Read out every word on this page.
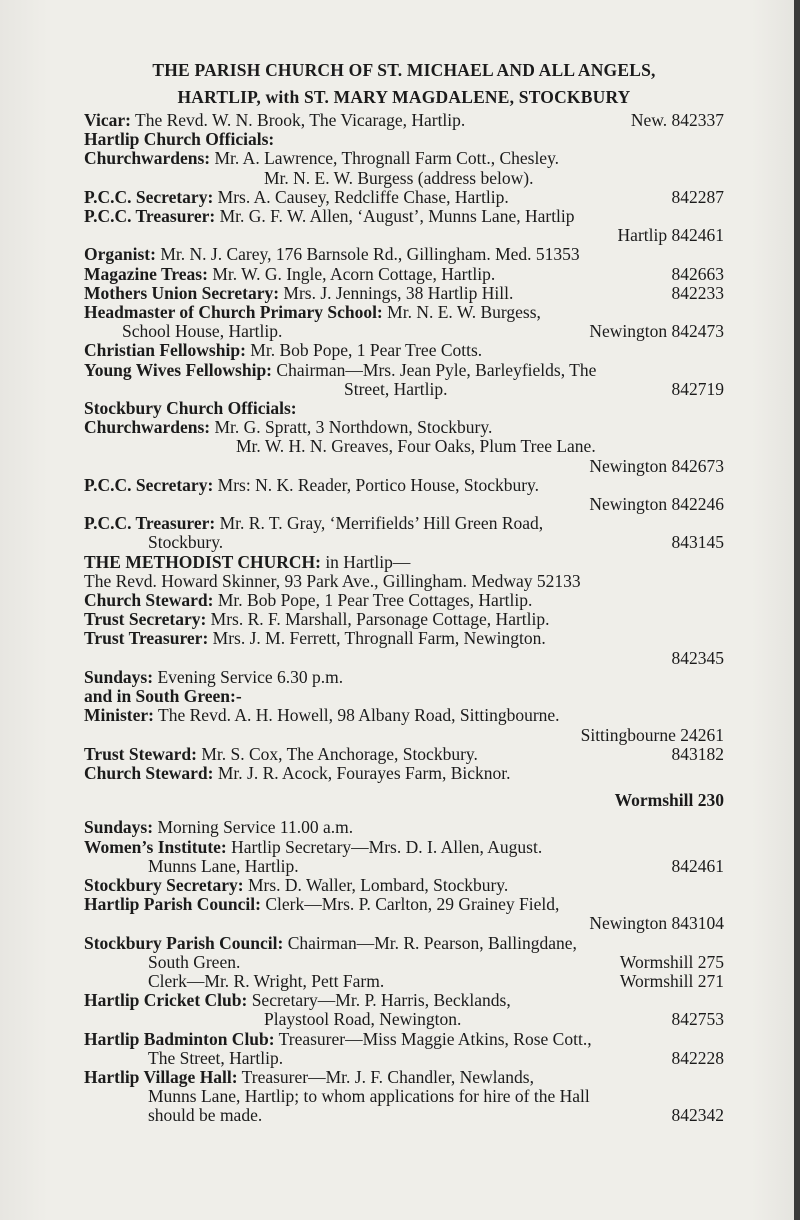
THE PARISH CHURCH OF ST. MICHAEL AND ALL ANGELS,
HARTLIP, with ST. MARY MAGDALENE, STOCKBURY
Vicar: The Revd. W. N. Brook, The Vicarage, Hartlip.	New. 842337
Hartlip Church Officials:
Churchwardens: Mr. A. Lawrence, Thrognall Farm Cott., Chesley.
Mr. N. E. W. Burgess (address below).
P.C.C. Secretary: Mrs. A. Causey, Redcliffe Chase, Hartlip.	842287
P.C.C. Treasurer: Mr. G. F. W. Allen, ‘August’, Munns Lane, Hartlip
Hartlip 842461
Organist: Mr. N. J. Carey, 176 Barnsole Rd., Gillingham. Med. 51353
Magazine Treas: Mr. W. G. Ingle, Acorn Cottage, Hartlip.	842663
Mothers Union Secretary: Mrs. J. Jennings, 38 Hartlip Hill.	842233
Headmaster of Church Primary School: Mr. N. E. W. Burgess,
School House, Hartlip.	Newington 842473
Christian Fellowship: Mr. Bob Pope, 1 Pear Tree Cotts.
Young Wives Fellowship: Chairman—Mrs. Jean Pyle, Barleyfields, The
Street, Hartlip.	842719
Stockbury Church Officials:
Churchwardens: Mr. G. Spratt, 3 Northdown, Stockbury.
Mr. W. H. N. Greaves, Four Oaks, Plum Tree Lane.
Newington 842673
P.C.C. Secretary: Mrs: N. K. Reader, Portico House, Stockbury.
Newington 842246
P.C.C. Treasurer: Mr. R. T. Gray, ‘Merrifields’ Hill Green Road,
Stockbury.	843145
THE METHODIST CHURCH: in Hartlip—
The Revd. Howard Skinner, 93 Park Ave., Gillingham. Medway 52133
Church Steward: Mr. Bob Pope, 1 Pear Tree Cottages, Hartlip.
Trust Secretary: Mrs. R. F. Marshall, Parsonage Cottage, Hartlip.
Trust Treasurer: Mrs. J. M. Ferrett, Thrognall Farm, Newington.
842345
Sundays: Evening Service 6.30 p.m.
and in South Green:-
Minister: The Revd. A. H. Howell, 98 Albany Road, Sittingbourne.
Sittingbourne 24261
Trust Steward: Mr. S. Cox, The Anchorage, Stockbury.	843182
Church Steward: Mr. J. R. Acock, Fourayes Farm, Bicknor.
Wormshill 230
Sundays: Morning Service 11.00 a.m.
Women’s Institute: Hartlip Secretary—Mrs. D. I. Allen, August.
Munns Lane, Hartlip.	842461
Stockbury Secretary: Mrs. D. Waller, Lombard, Stockbury.
Hartlip Parish Council: Clerk—Mrs. P. Carlton, 29 Grainey Field,
Newington 843104
Stockbury Parish Council: Chairman—Mr. R. Pearson, Ballingdane,
South Green.	Wormshill 275
Clerk—Mr. R. Wright, Pett Farm.	Wormshill 271
Hartlip Cricket Club: Secretary—Mr. P. Harris, Becklands,
Playstool Road, Newington.	842753
Hartlip Badminton Club: Treasurer—Miss Maggie Atkins, Rose Cott.,
The Street, Hartlip.	842228
Hartlip Village Hall: Treasurer—Mr. J. F. Chandler, Newlands,
Munns Lane, Hartlip; to whom applications for hire of the Hall
should be made.	842342
